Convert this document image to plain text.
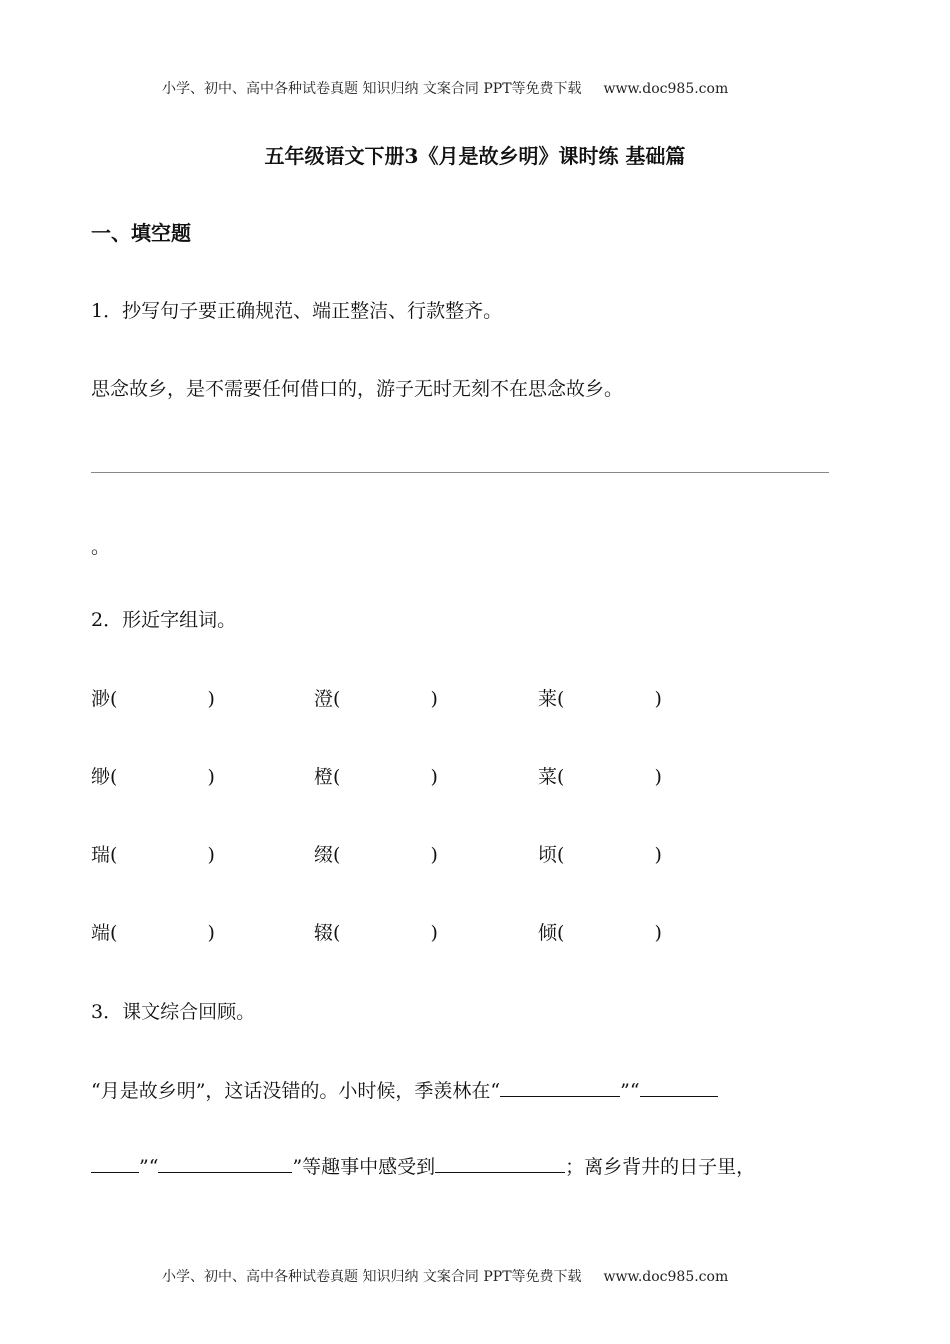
小学、初中、高中各种试卷真题 知识归纳 文案合同 PPT等免费下载 www.doc985.com
五年级语文下册3《月是故乡明》课时练 基础篇
一、填空题
1．抄写句子要正确规范、端正整洁、行款整齐。
思念故乡，是不需要任何借口的，游子无时无刻不在思念故乡。
。
2．形近字组词。
渺(	)	澄(	)	莱(	)
缈(	)	橙(	)	菜(	)
瑞(	)	缀(	)	顷(	)
端(	)	辍(	)	倾(	)
3．课文综合回顾。
“月是故乡明”，这话没错的。小时候，季羡林在“	”“
”“	”等趣事中感受到	；离乡背井的日子里，
小学、初中、高中各种试卷真题 知识归纳 文案合同 PPT等免费下载 www.doc985.com
